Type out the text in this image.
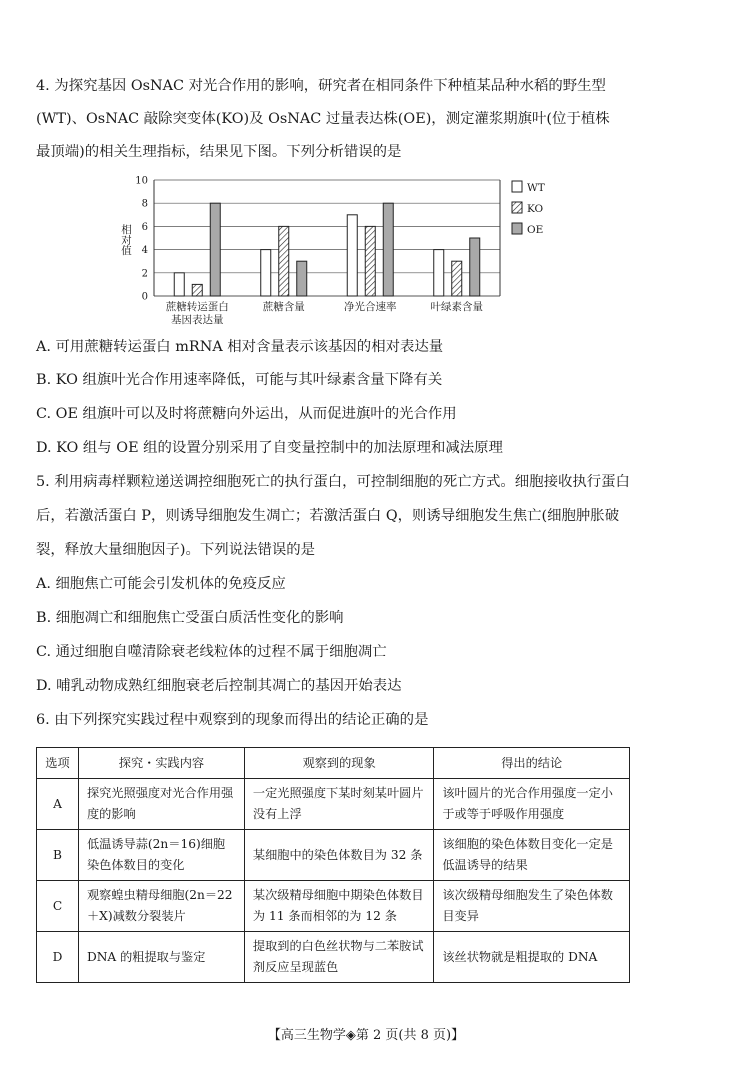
4. 为探究基因 OsNAC 对光合作用的影响，研究者在相同条件下种植某品种水稻的野生型
(WT)、OsNAC 敲除突变体(KO)及 OsNAC 过量表达株(OE)，测定灌浆期旗叶(位于植株
最顶端)的相关生理指标，结果见下图。下列分析错误的是
0
2
4
6
8
10
相对值
蔗糖转运蛋白
基因表达量
蔗糖含量	净光合速率	叶绿素含量
WT
KO
OE
A. 可用蔗糖转运蛋白 mRNA 相对含量表示该基因的相对表达量
B. KO 组旗叶光合作用速率降低，可能与其叶绿素含量下降有关
C. OE 组旗叶可以及时将蔗糖向外运出，从而促进旗叶的光合作用
D. KO 组与 OE 组的设置分别采用了自变量控制中的加法原理和减法原理
5. 利用病毒样颗粒递送调控细胞死亡的执行蛋白，可控制细胞的死亡方式。细胞接收执行蛋白
后，若激活蛋白 P，则诱导细胞发生凋亡；若激活蛋白 Q，则诱导细胞发生焦亡(细胞肿胀破
裂，释放大量细胞因子)。下列说法错误的是
A. 细胞焦亡可能会引发机体的免疫反应
B. 细胞凋亡和细胞焦亡受蛋白质活性变化的影响
C. 通过细胞自噬清除衰老线粒体的过程不属于细胞凋亡
D. 哺乳动物成熟红细胞衰老后控制其凋亡的基因开始表达
6. 由下列探究实践过程中观察到的现象而得出的结论正确的是
选项	探究・实践内容	观察到的现象	得出的结论
A	探究光照强度对光合作用强度的影响	一定光照强度下某时刻某叶圆片没有上浮	该叶圆片的光合作用强度一定小于或等于呼吸作用强度
B	低温诱导蒜(2n＝16)细胞染色体数目的变化	某细胞中的染色体数目为 32 条	该细胞的染色体数目变化一定是低温诱导的结果
C	观察蝗虫精母细胞(2n＝22＋X)减数分裂装片	某次级精母细胞中期染色体数目为 11 条而相邻的为 12 条	该次级精母细胞发生了染色体数目变异
D	DNA 的粗提取与鉴定	提取到的白色丝状物与二苯胺试剂反应呈现蓝色	该丝状物就是粗提取的 DNA
【高三生物学◈第 2 页(共 8 页)】
